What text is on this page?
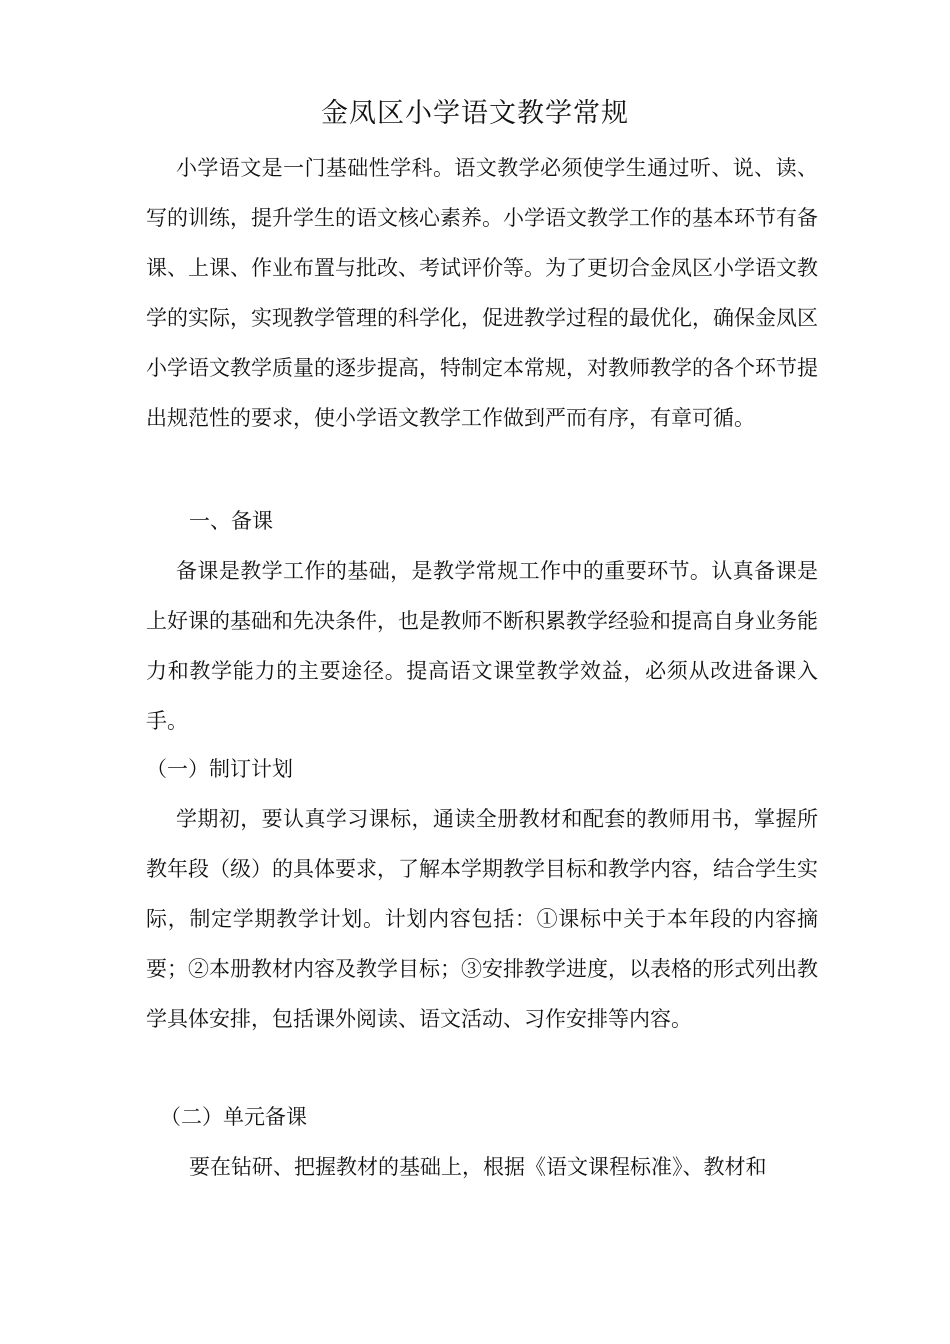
金凤区小学语文教学常规

小学语文是一门基础性学科。语文教学必须使学生通过听、说、读、写的训练，提升学生的语文核心素养。小学语文教学工作的基本环节有备课、上课、作业布置与批改、考试评价等。为了更切合金凤区小学语文教学的实际，实现教学管理的科学化，促进教学过程的最优化，确保金凤区小学语文教学质量的逐步提高，特制定本常规，对教师教学的各个环节提出规范性的要求，使小学语文教学工作做到严而有序，有章可循。

一、备课

备课是教学工作的基础，是教学常规工作中的重要环节。认真备课是上好课的基础和先决条件，也是教师不断积累教学经验和提高自身业务能力和教学能力的主要途径。提高语文课堂教学效益，必须从改进备课入手。

（一）制订计划

学期初，要认真学习课标，通读全册教材和配套的教师用书，掌握所教年段（级）的具体要求，了解本学期教学目标和教学内容，结合学生实际，制定学期教学计划。计划内容包括：①课标中关于本年段的内容摘要；②本册教材内容及教学目标；③安排教学进度，以表格的形式列出教学具体安排，包括课外阅读、语文活动、习作安排等内容。

（二）单元备课

要在钻研、把握教材的基础上，根据《语文课程标准》、教材和
